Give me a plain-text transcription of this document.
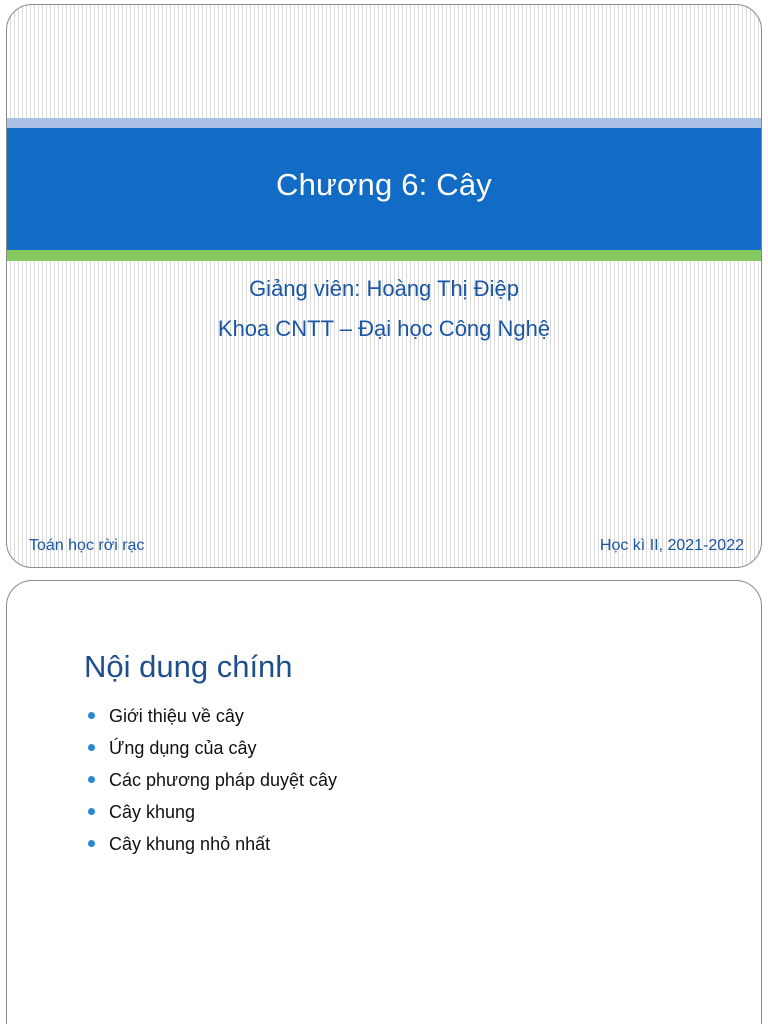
Chương 6: Cây
Giảng viên: Hoàng Thị Điệp
Khoa CNTT – Đại học Công Nghệ
Toán học rời rạc	Học kì II, 2021-2022
Nội dung chính
Giới thiệu về cây
Ứng dụng của cây
Các phương pháp duyệt cây
Cây khung
Cây khung nhỏ nhất
